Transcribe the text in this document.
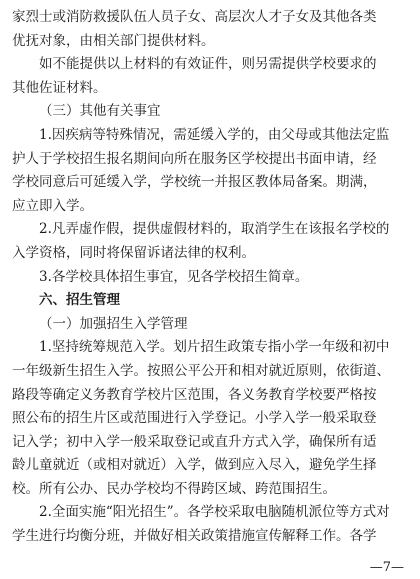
家烈士或消防救援队伍人员子女、高层次人才子女及其他各类
优抚对象，由相关部门提供材料。
如不能提供以上材料的有效证件，则另需提供学校要求的
其他佐证材料。
（三）其他有关事宜
1.因疾病等特殊情况，需延缓入学的，由父母或其他法定监
护人于学校招生报名期间向所在服务区学校提出书面申请，经
学校同意后可延缓入学，学校统一并报区教体局备案。期满，
应立即入学。
2.凡弄虚作假，提供虚假材料的，取消学生在该报名学校的
入学资格，同时将保留诉诸法律的权利。
3.各学校具体招生事宜，见各学校招生简章。
六、招生管理
（一）加强招生入学管理
1.坚持统筹规范入学。划片招生政策专指小学一年级和初中
一年级新生招生入学。按照公平公开和相对就近原则，依街道、
路段等确定义务教育学校片区范围，各义务教育学校要严格按
照公布的招生片区或范围进行入学登记。小学入学一般采取登
记入学；初中入学一般采取登记或直升方式入学，确保所有适
龄儿童就近（或相对就近）入学，做到应入尽入，避免学生择
校。所有公办、民办学校均不得跨区域、跨范围招生。
2.全面实施“阳光招生”。各学校采取电脑随机派位等方式对
学生进行均衡分班，并做好相关政策措施宣传解释工作。各学
—7—
